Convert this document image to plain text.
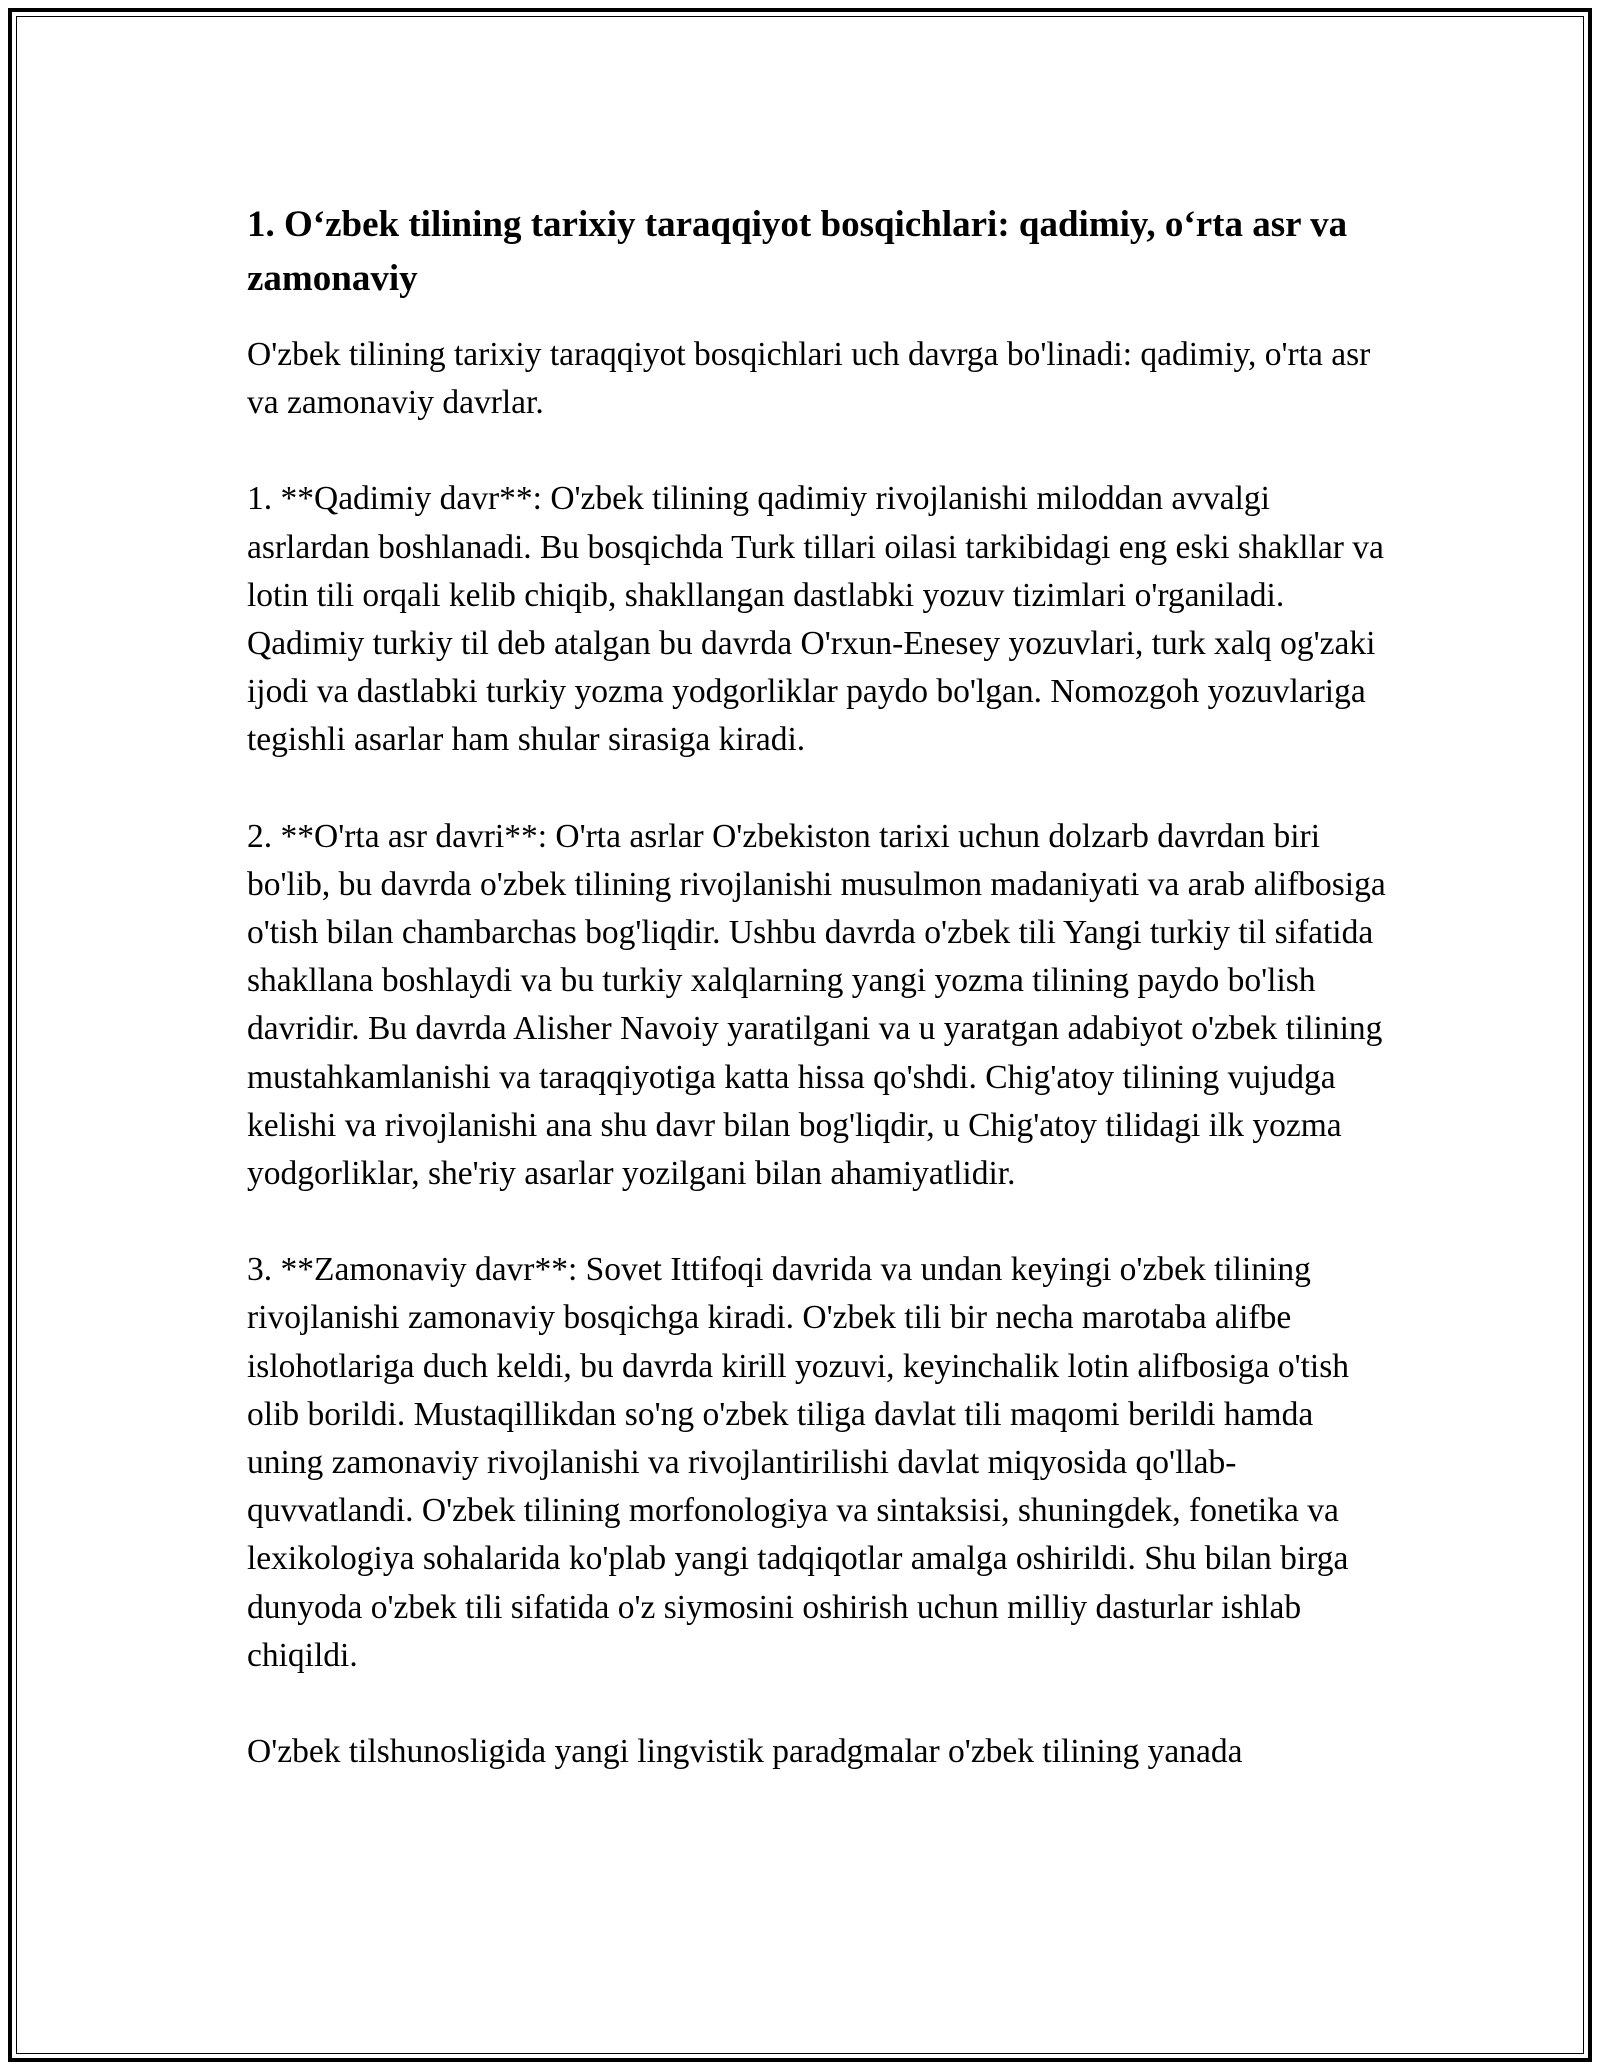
1. O‘zbek tilining tarixiy taraqqiyot bosqichlari: qadimiy, o‘rta asr va zamonaviy

O'zbek tilining tarixiy taraqqiyot bosqichlari uch davrga bo'linadi: qadimiy, o'rta asr va zamonaviy davrlar.

1. **Qadimiy davr**: O'zbek tilining qadimiy rivojlanishi miloddan avvalgi asrlardan boshlanadi. Bu bosqichda Turk tillari oilasi tarkibidagi eng eski shakllar va lotin tili orqali kelib chiqib, shakllangan dastlabki yozuv tizimlari o'rganiladi. Qadimiy turkiy til deb atalgan bu davrda O'rxun-Enesey yozuvlari, turk xalq og'zaki ijodi va dastlabki turkiy yozma yodgorliklar paydo bo'lgan. Nomozgoh yozuvlariga tegishli asarlar ham shular sirasiga kiradi.

2. **O'rta asr davri**: O'rta asrlar O'zbekiston tarixi uchun dolzarb davrdan biri bo'lib, bu davrda o'zbek tilining rivojlanishi musulmon madaniyati va arab alifbosiga o'tish bilan chambarchas bog'liqdir. Ushbu davrda o'zbek tili Yangi turkiy til sifatida shakllana boshlaydi va bu turkiy xalqlarning yangi yozma tilining paydo bo'lish davridir. Bu davrda Alisher Navoiy yaratilgani va u yaratgan adabiyot o'zbek tilining mustahkamlanishi va taraqqiyotiga katta hissa qo'shdi. Chig'atoy tilining vujudga kelishi va rivojlanishi ana shu davr bilan bog'liqdir, u Chig'atoy tilidagi ilk yozma yodgorliklar, she'riy asarlar yozilgani bilan ahamiyatlidir.

3. **Zamonaviy davr**: Sovet Ittifoqi davrida va undan keyingi o'zbek tilining rivojlanishi zamonaviy bosqichga kiradi. O'zbek tili bir necha marotaba alifbe islohotlariga duch keldi, bu davrda kirill yozuvi, keyinchalik lotin alifbosiga o'tish olib borildi. Mustaqillikdan so'ng o'zbek tiliga davlat tili maqomi berildi hamda uning zamonaviy rivojlanishi va rivojlantirilishi davlat miqyosida qo'llab-quvvatlandi. O'zbek tilining morfonologiya va sintaksisi, shuningdek, fonetika va lexikologiya sohalarida ko'plab yangi tadqiqotlar amalga oshirildi. Shu bilan birga dunyoda o'zbek tili sifatida o'z siymosini oshirish uchun milliy dasturlar ishlab chiqildi.

O'zbek tilshunosligida yangi lingvistik paradgmalar o'zbek tilining yanada
